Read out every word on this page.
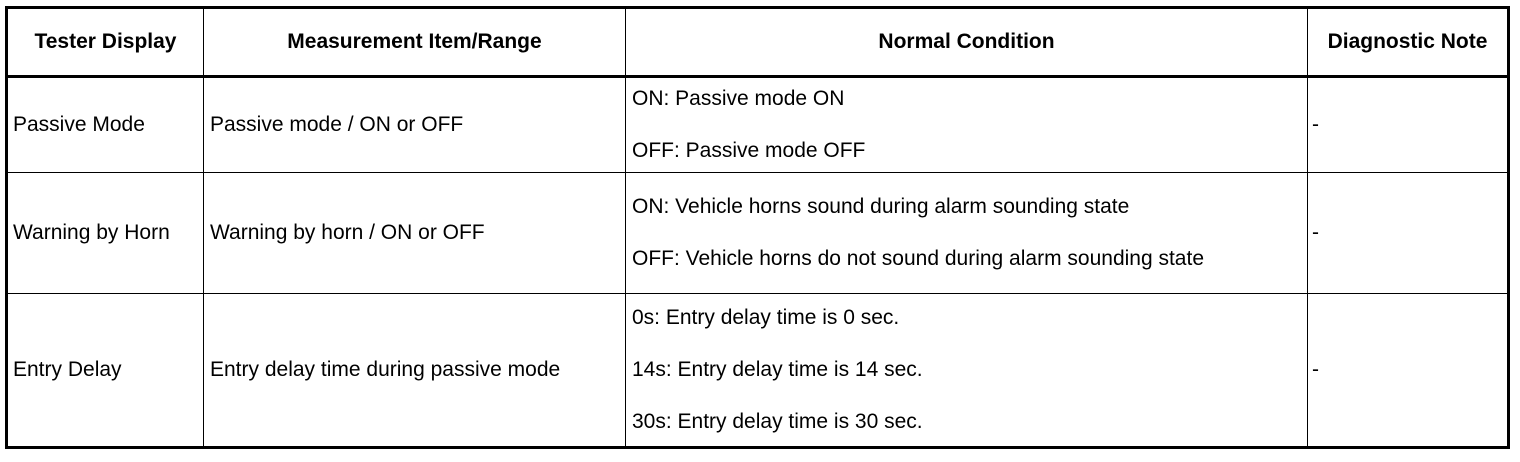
Tester Display	Measurement Item/Range	Normal Condition	Diagnostic Note
Passive Mode	Passive mode / ON or OFF	ON: Passive mode ON
OFF: Passive mode OFF	-
Warning by Horn	Warning by horn / ON or OFF	ON: Vehicle horns sound during alarm sounding state
OFF: Vehicle horns do not sound during alarm sounding state	-
Entry Delay	Entry delay time during passive mode	0s: Entry delay time is 0 sec.
14s: Entry delay time is 14 sec.
30s: Entry delay time is 30 sec.	-
